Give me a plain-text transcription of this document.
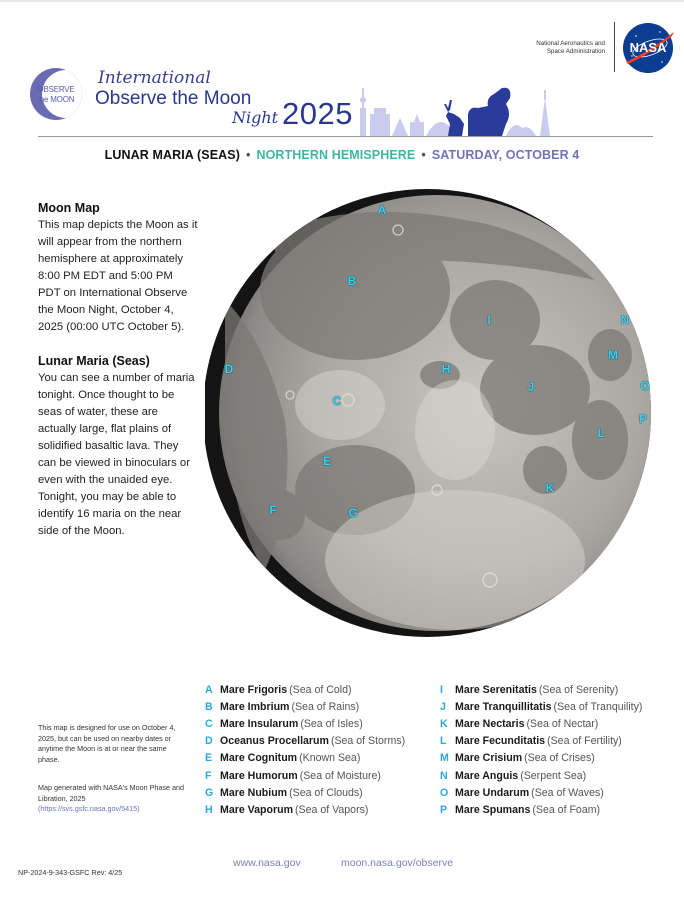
OBSERVE
the MOON
International
Observe the Moon
Night 2025
National Aeronautics and
Space Administration NASA
LUNAR MARIA (SEAS) • NORTHERN HEMISPHERE • SATURDAY, OCTOBER 4
Moon Map

This map depicts the Moon as it will appear from the northern hemisphere at approximately 8:00 PM EDT and 5:00 PM PDT on International Observe the Moon Night, October 4, 2025 (00:00 UTC October 5).

Lunar Maria (Seas)

You can see a number of maria tonight. Once thought to be seas of water, these are actually large, flat plains of solidified basaltic lava. They can be viewed in binoculars or even with the unaided eye. Tonight, you may be able to identify 16 maria on the near side of the Moon.

A
B
C
D
E
F	G
H
I
J
K
L
M
N
O
P
A Mare Frigoris (Sea of Cold)
B Mare Imbrium (Sea of Rains)
C Mare Insularum (Sea of Isles)
D Oceanus Procellarum (Sea of Storms)
E Mare Cognitum (Known Sea)
F Mare Humorum (Sea of Moisture)
G Mare Nubium (Sea of Clouds)
H Mare Vaporum (Sea of Vapors)
I	Mare Serenitatis (Sea of Serenity)
J Mare Tranquillitatis (Sea of Tranquility)
K Mare Nectaris (Sea of Nectar)
L Mare Fecunditatis (Sea of Fertility)
M Mare Crisium (Sea of Crises)
N Mare Anguis (Serpent Sea)
O Mare Undarum (Sea of Waves)
P Mare Spumans (Sea of Foam)
This map is designed for use on October 4, 2025, but can be used on nearby dates or anytime the Moon is at or near the same phase.
Map generated with NASA's Moon Phase and Libration, 2025
(https://svs.gsfc.nasa.gov/5415)
NP-2024-9-343-GSFC Rev: 4/25
www.nasa.gov	moon.nasa.gov/observe
